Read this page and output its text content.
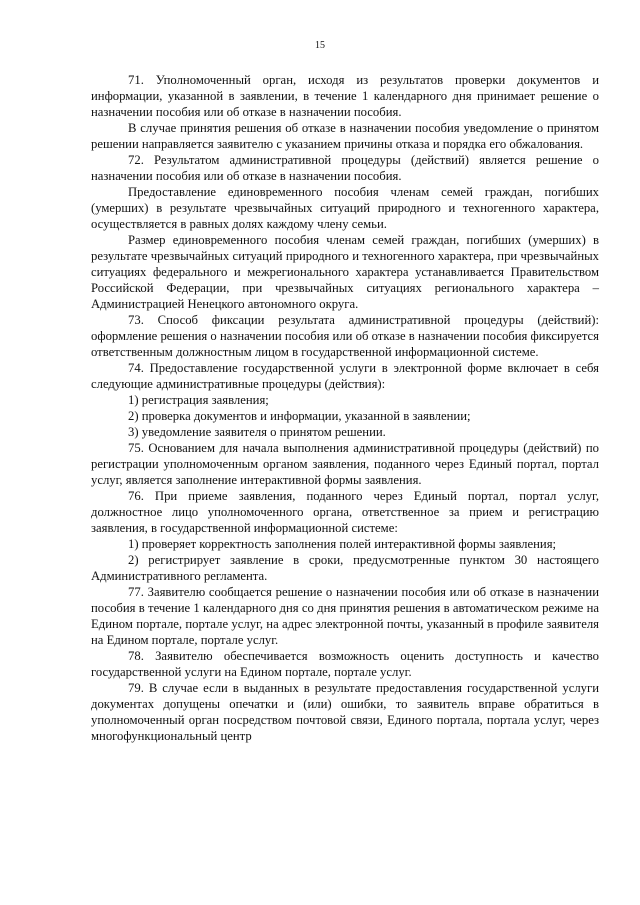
15

71. Уполномоченный орган, исходя из результатов проверки документов и информации, указанной в заявлении, в течение 1 календарного дня принимает решение о назначении пособия или об отказе в назначении пособия.

В случае принятия решения об отказе в назначении пособия уведомление о принятом решении направляется заявителю с указанием причины отказа и порядка его обжалования.

72. Результатом административной процедуры (действий) является решение о назначении пособия или об отказе в назначении пособия.

Предоставление единовременного пособия членам семей граждан, погибших (умерших) в результате чрезвычайных ситуаций природного и техногенного характера, осуществляется в равных долях каждому члену семьи.

Размер единовременного пособия членам семей граждан, погибших (умерших) в результате чрезвычайных ситуаций природного и техногенного характера, при чрезвычайных ситуациях федерального и межрегионального характера устанавливается Правительством Российской Федерации, при чрезвычайных ситуациях регионального характера – Администрацией Ненецкого автономного округа.

73. Способ фиксации результата административной процедуры (действий): оформление решения о назначении пособия или об отказе в назначении пособия фиксируется ответственным должностным лицом в государственной информационной системе.

74. Предоставление государственной услуги в электронной форме включает в себя следующие административные процедуры (действия):

1) регистрация заявления;

2) проверка документов и информации, указанной в заявлении;

3) уведомление заявителя о принятом решении.

75. Основанием для начала выполнения административной процедуры (действий) по регистрации уполномоченным органом заявления, поданного через Единый портал, портал услуг, является заполнение интерактивной формы заявления.

76. При приеме заявления, поданного через Единый портал, портал услуг, должностное лицо уполномоченного органа, ответственное за прием и регистрацию заявления, в государственной информационной системе:

1) проверяет корректность заполнения полей интерактивной формы заявления;

2) регистрирует заявление в сроки, предусмотренные пунктом 30 настоящего Административного регламента.

77. Заявителю сообщается решение о назначении пособия или об отказе в назначении пособия в течение 1 календарного дня со дня принятия решения в автоматическом режиме на Едином портале, портале услуг, на адрес электронной почты, указанный в профиле заявителя на Едином портале, портале услуг.

78. Заявителю обеспечивается возможность оценить доступность и качество государственной услуги на Едином портале, портале услуг.

79. В случае если в выданных в результате предоставления государственной услуги документах допущены опечатки и (или) ошибки, то заявитель вправе обратиться в уполномоченный орган посредством почтовой связи, Единого портала, портала услуг, через многофункциональный центр
